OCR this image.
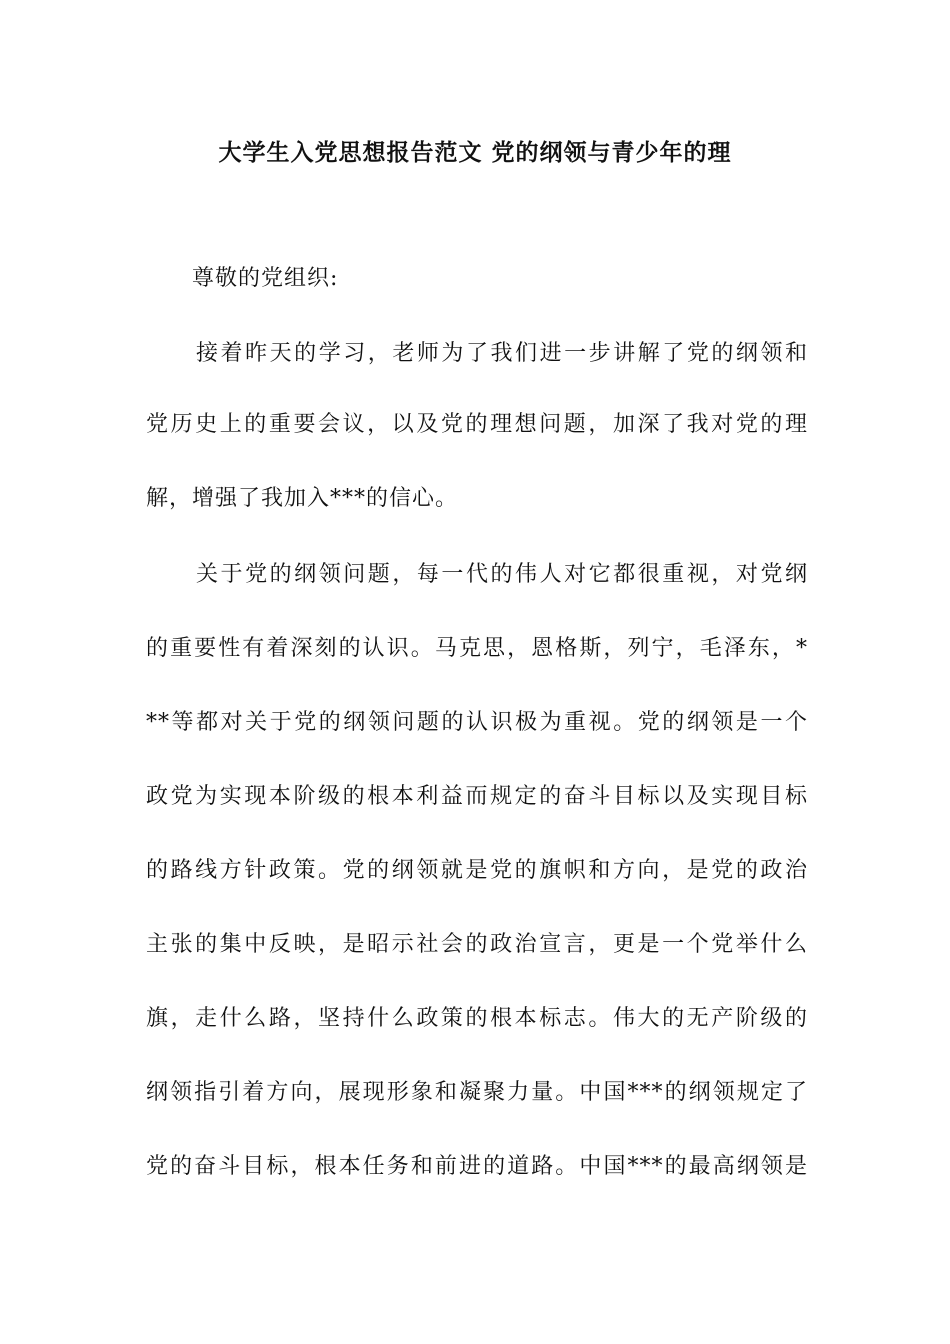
大学生入党思想报告范文 党的纲领与青少年的理
尊敬的党组织:
接着昨天的学习，老师为了我们进一步讲解了党的纲领和
党历史上的重要会议，以及党的理想问题，加深了我对党的理
解，增强了我加入***的信心。
关于党的纲领问题，每一代的伟人对它都很重视，对党纲
的重要性有着深刻的认识。马克思，恩格斯，列宁，毛泽东，*
**等都对关于党的纲领问题的认识极为重视。党的纲领是一个
政党为实现本阶级的根本利益而规定的奋斗目标以及实现目标
的路线方针政策。党的纲领就是党的旗帜和方向，是党的政治
主张的集中反映，是昭示社会的政治宣言，更是一个党举什么
旗，走什么路，坚持什么政策的根本标志。伟大的无产阶级的
纲领指引着方向，展现形象和凝聚力量。中国***的纲领规定了
党的奋斗目标，根本任务和前进的道路。中国***的最高纲领是
